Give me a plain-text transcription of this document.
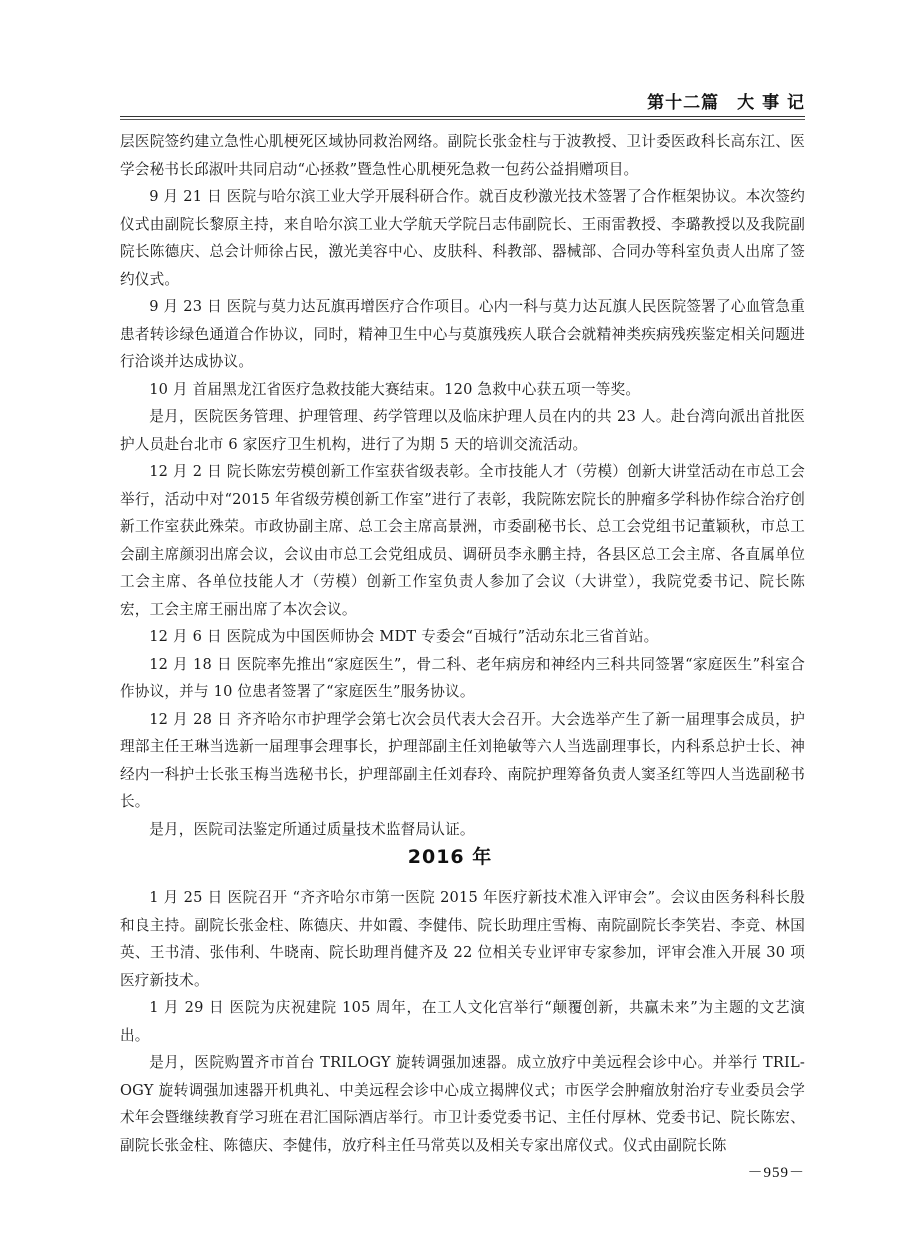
第十二篇　大 事 记

层医院签约建立急性心肌梗死区域协同救治网络。副院长张金柱与于波教授、卫计委医政科长高东江、医学会秘书长邱淑叶共同启动“心拯救”暨急性心肌梗死急救一包药公益捐赠项目。

9 月 21 日 医院与哈尔滨工业大学开展科研合作。就百皮秒激光技术签署了合作框架协议。本次签约仪式由副院长黎原主持，来自哈尔滨工业大学航天学院吕志伟副院长、王雨雷教授、李璐教授以及我院副院长陈德庆、总会计师徐占民，激光美容中心、皮肤科、科教部、器械部、合同办等科室负责人出席了签约仪式。

9 月 23 日 医院与莫力达瓦旗再增医疗合作项目。心内一科与莫力达瓦旗人民医院签署了心血管急重患者转诊绿色通道合作协议，同时，精神卫生中心与莫旗残疾人联合会就精神类疾病残疾鉴定相关问题进行洽谈并达成协议。

10 月 首届黑龙江省医疗急救技能大赛结束。120 急救中心获五项一等奖。

是月，医院医务管理、护理管理、药学管理以及临床护理人员在内的共 23 人。赴台湾向派出首批医护人员赴台北市 6 家医疗卫生机构，进行了为期 5 天的培训交流活动。

12 月 2 日 院长陈宏劳模创新工作室获省级表彰。全市技能人才（劳模）创新大讲堂活动在市总工会举行，活动中对“2015 年省级劳模创新工作室”进行了表彰，我院陈宏院长的肿瘤多学科协作综合治疗创新工作室获此殊荣。市政协副主席、总工会主席高景洲，市委副秘书长、总工会党组书记董颖秋，市总工会副主席颜羽出席会议，会议由市总工会党组成员、调研员李永鹏主持，各县区总工会主席、各直属单位工会主席、各单位技能人才（劳模）创新工作室负责人参加了会议（大讲堂），我院党委书记、院长陈宏，工会主席王丽出席了本次会议。

12 月 6 日 医院成为中国医师协会 MDT 专委会“百城行”活动东北三省首站。

12 月 18 日 医院率先推出“家庭医生”，骨二科、老年病房和神经内三科共同签署“家庭医生”科室合作协议，并与 10 位患者签署了“家庭医生”服务协议。

12 月 28 日 齐齐哈尔市护理学会第七次会员代表大会召开。大会选举产生了新一届理事会成员，护理部主任王琳当选新一届理事会理事长，护理部副主任刘艳敏等六人当选副理事长，内科系总护士长、神经内一科护士长张玉梅当选秘书长，护理部副主任刘春玲、南院护理筹备负责人窦圣红等四人当选副秘书长。

是月，医院司法鉴定所通过质量技术监督局认证。

2016 年

1 月 25 日 医院召开 “齐齐哈尔市第一医院 2015 年医疗新技术准入评审会”。会议由医务科科长殷和良主持。副院长张金柱、陈德庆、井如霞、李健伟、院长助理庄雪梅、南院副院长李笑岩、李竞、林国英、王书清、张伟利、牛晓南、院长助理肖健齐及 22 位相关专业评审专家参加，评审会准入开展 30 项医疗新技术。

1 月 29 日 医院为庆祝建院 105 周年，在工人文化宫举行“颠覆创新，共赢未来”为主题的文艺演出。

是月，医院购置齐市首台 TRILOGY 旋转调强加速器。成立放疗中美远程会诊中心。并举行 TRIL-OGY 旋转调强加速器开机典礼、中美远程会诊中心成立揭牌仪式；市医学会肿瘤放射治疗专业委员会学术年会暨继续教育学习班在君汇国际酒店举行。市卫计委党委书记、主任付厚林、党委书记、院长陈宏、副院长张金柱、陈德庆、李健伟，放疗科主任马常英以及相关专家出席仪式。仪式由副院长陈

－959－
